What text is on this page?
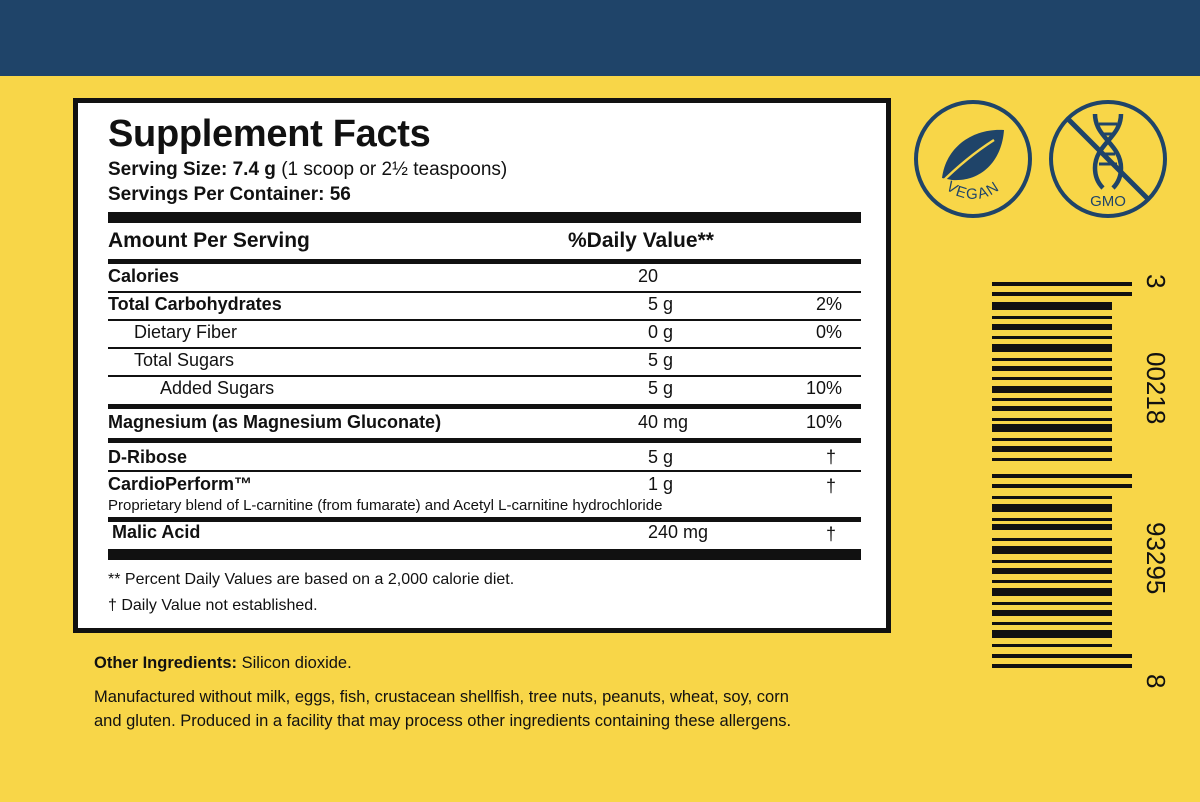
Supplement Facts
Serving Size: 7.4 g (1 scoop or 2½ teaspoons)
Servings Per Container: 56
Amount Per Serving	%Daily Value**
Calories	20
Total Carbohydrates	5 g	2%
Dietary Fiber	0 g	0%
Total Sugars	5 g
Added Sugars	5 g	10%
Magnesium (as Magnesium Gluconate)	40 mg	10%
D-Ribose	5 g	†
CardioPerform™	1 g	†
Proprietary blend of L-carnitine (from fumarate) and Acetyl L-carnitine hydrochloride
Malic Acid	240 mg	†
** Percent Daily Values are based on a 2,000 calorie diet.
† Daily Value not established.
Other Ingredients: Silicon dioxide.
Manufactured without milk, eggs, fish, crustacean shellfish, tree nuts, peanuts, wheat, soy, corn
and gluten. Produced in a facility that may process other ingredients containing these allergens.
VEGAN
GMO
3
00218
93295
8
